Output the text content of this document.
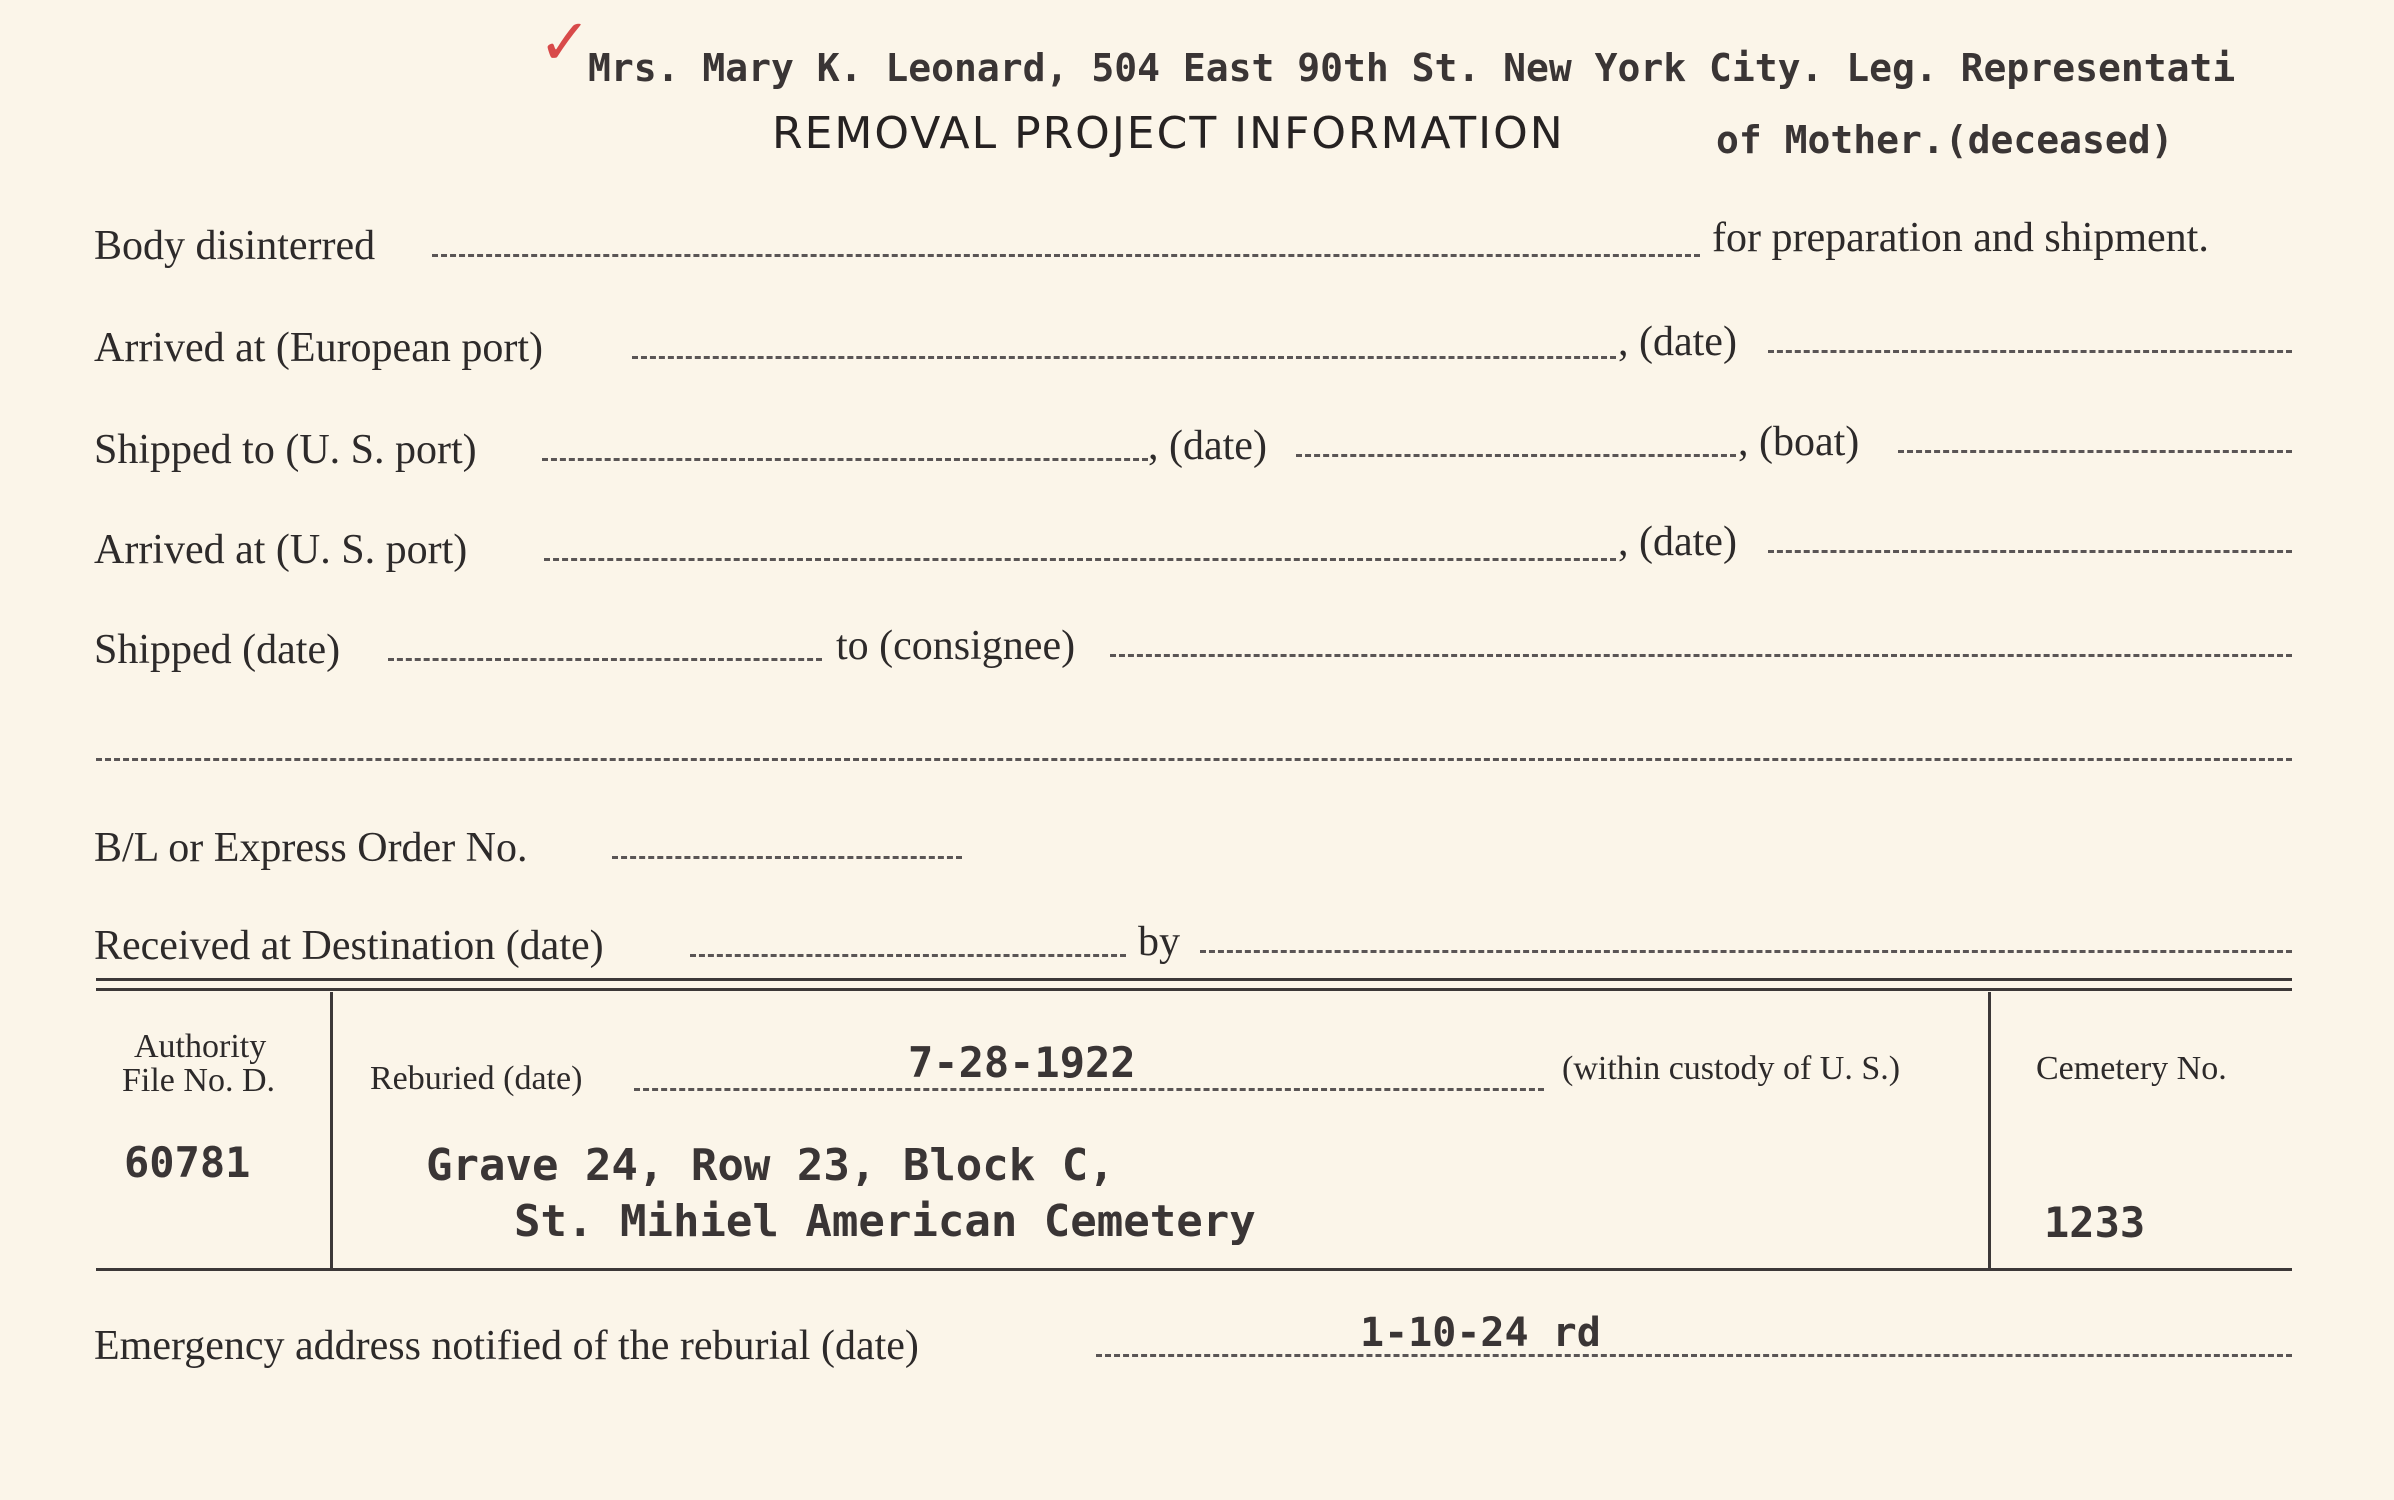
✓
Mrs. Mary K. Leonard, 504 East 90th St. New York City. Leg. Representati
REMOVAL PROJECT INFORMATION	of Mother.(deceased)
Body disinterred	for preparation and shipment.
Arrived at (European port)	, (date)
Shipped to (U. S. port)	, (date)	, (boat)
Arrived at (U. S. port)	, (date)
Shipped (date)	to (consignee)
B/L or Express Order No.
Received at Destination (date)	by
Authority
File No. D.
60781
Reburied (date)	7-28-1922	(within custody of U. S.)
Grave 24, Row 23, Block C,
St. Mihiel American Cemetery
Cemetery No.
1233
Emergency address notified of the reburial (date)	1-10-24 rd
